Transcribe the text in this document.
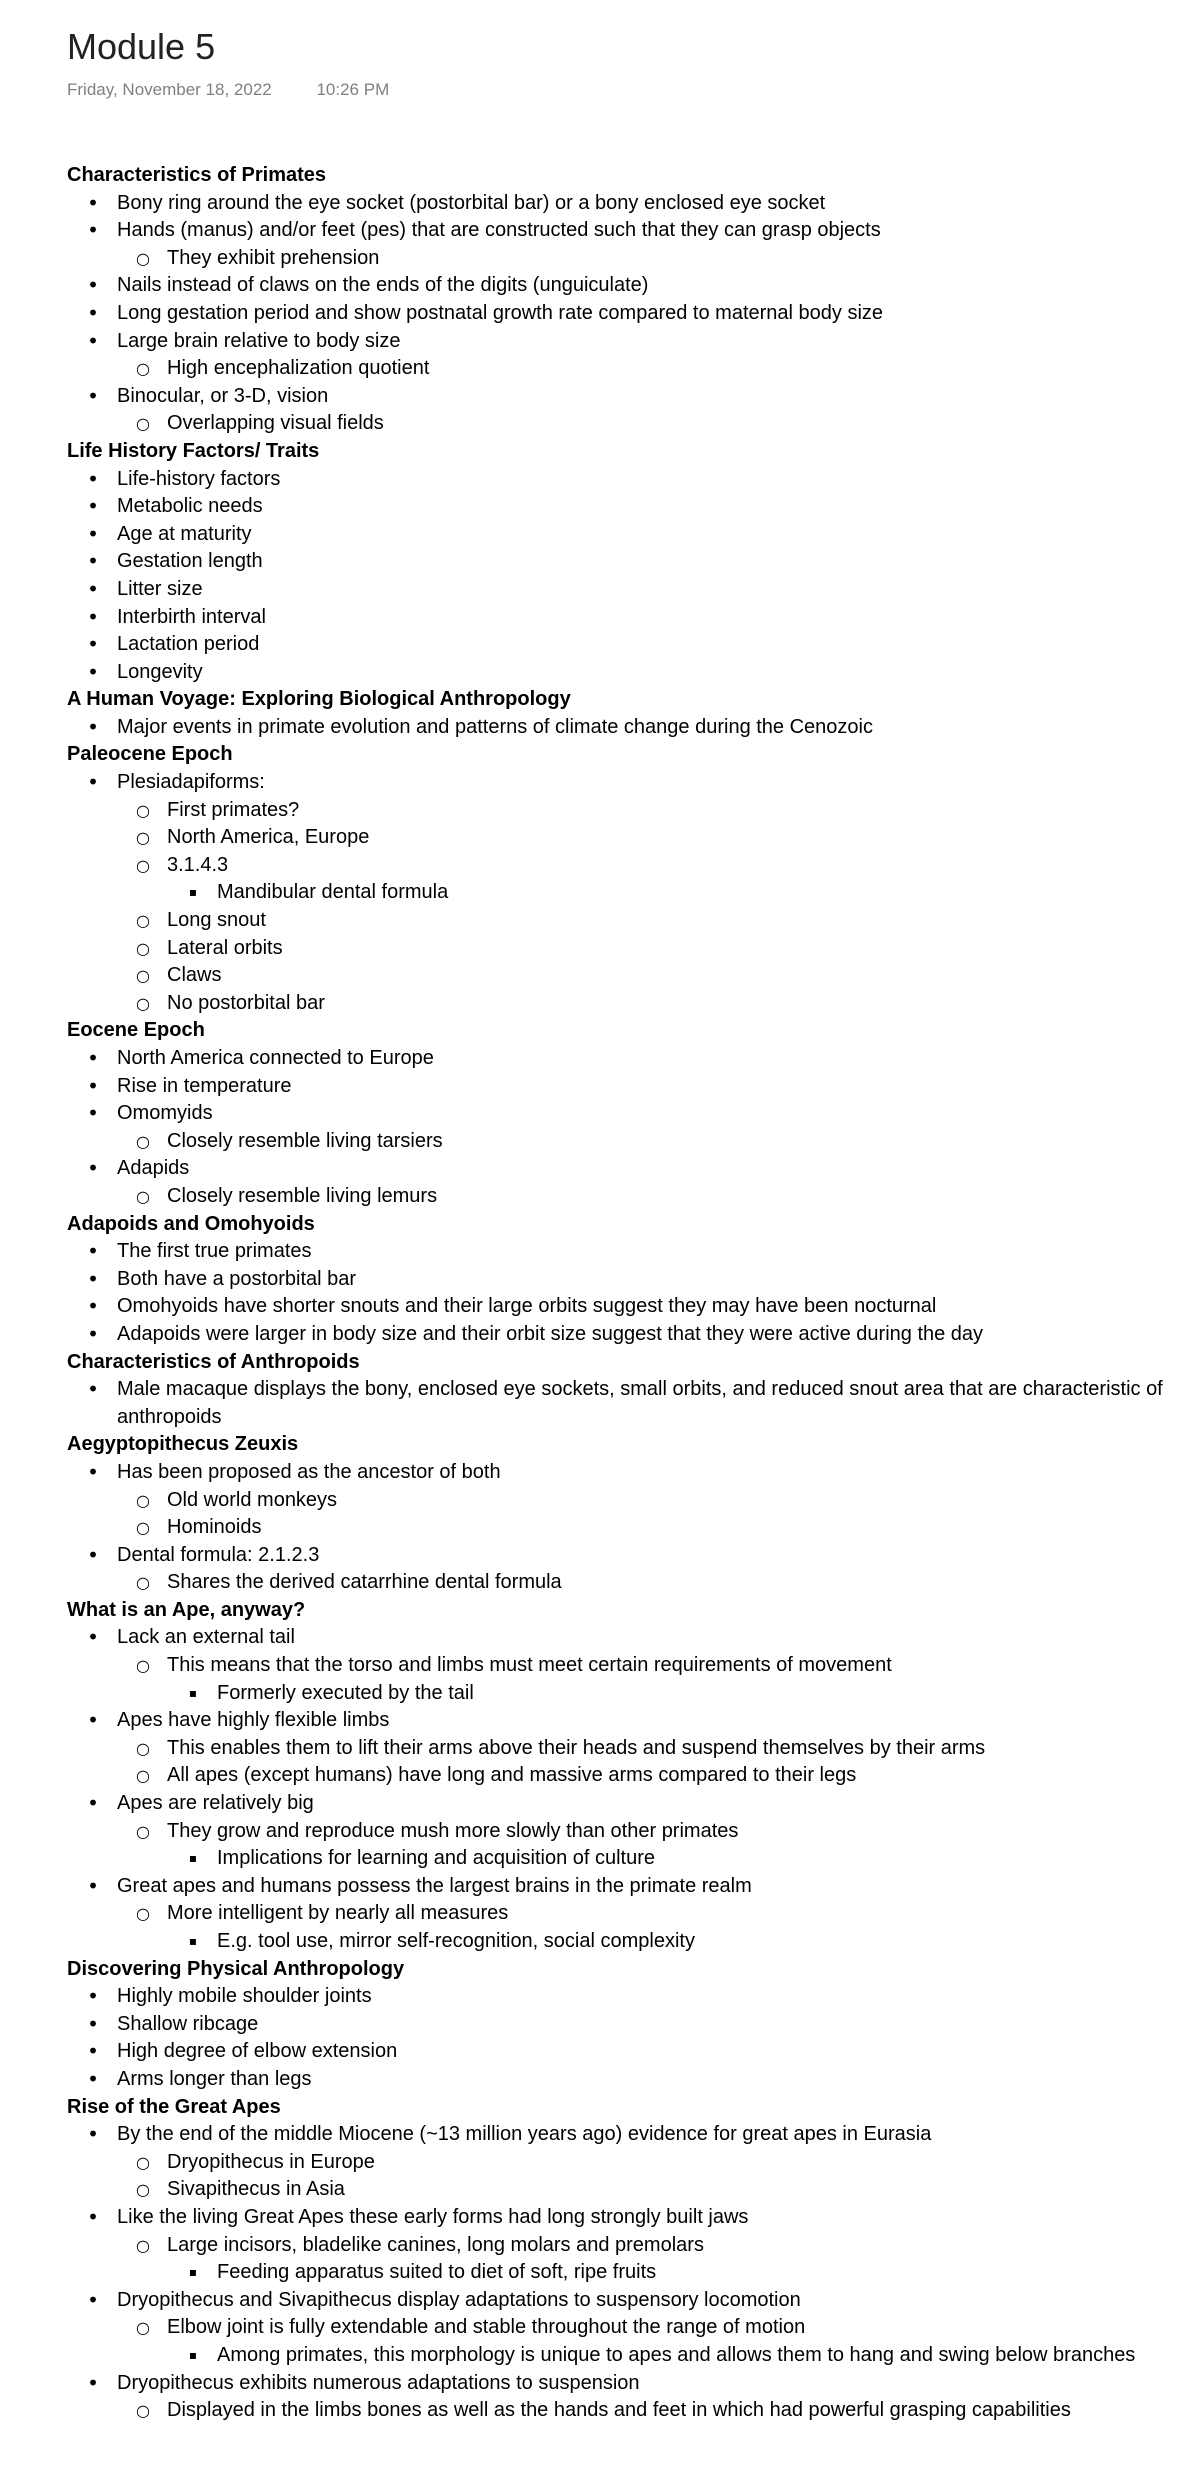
Module 5
Friday, November 18, 2022	10:26 PM
Characteristics of Primates
• Bony ring around the eye socket (postorbital bar) or a bony enclosed eye socket
• Hands (manus) and/or feet (pes) that are constructed such that they can grasp objects
○ They exhibit prehension
• Nails instead of claws on the ends of the digits (unguiculate)
• Long gestation period and show postnatal growth rate compared to maternal body size
• Large brain relative to body size
○ High encephalization quotient
• Binocular, or 3-D, vision
○ Overlapping visual fields
Life History Factors/ Traits
• Life-history factors
• Metabolic needs
• Age at maturity
• Gestation length
• Litter size
• Interbirth interval
• Lactation period
• Longevity
A Human Voyage: Exploring Biological Anthropology
• Major events in primate evolution and patterns of climate change during the Cenozoic
Paleocene Epoch
• Plesiadapiforms:
○ First primates?
○ North America, Europe
○ 3.1.4.3
▪ Mandibular dental formula
○ Long snout
○ Lateral orbits
○ Claws
○ No postorbital bar
Eocene Epoch
• North America connected to Europe
• Rise in temperature
• Omomyids
○ Closely resemble living tarsiers
• Adapids
○ Closely resemble living lemurs
Adapoids and Omohyoids
• The first true primates
• Both have a postorbital bar
• Omohyoids have shorter snouts and their large orbits suggest they may have been nocturnal
• Adapoids were larger in body size and their orbit size suggest that they were active during the day
Characteristics of Anthropoids
• Male macaque displays the bony, enclosed eye sockets, small orbits, and reduced snout area that are characteristic of anthropoids
Aegyptopithecus Zeuxis
• Has been proposed as the ancestor of both
○ Old world monkeys
○ Hominoids
• Dental formula: 2.1.2.3
○ Shares the derived catarrhine dental formula
What is an Ape, anyway?
• Lack an external tail
○ This means that the torso and limbs must meet certain requirements of movement
▪ Formerly executed by the tail
• Apes have highly flexible limbs
○ This enables them to lift their arms above their heads and suspend themselves by their arms
○ All apes (except humans) have long and massive arms compared to their legs
• Apes are relatively big
○ They grow and reproduce mush more slowly than other primates
▪ Implications for learning and acquisition of culture
• Great apes and humans possess the largest brains in the primate realm
○ More intelligent by nearly all measures
▪ E.g. tool use, mirror self-recognition, social complexity
Discovering Physical Anthropology
• Highly mobile shoulder joints
• Shallow ribcage
• High degree of elbow extension
• Arms longer than legs
Rise of the Great Apes
• By the end of the middle Miocene (~13 million years ago) evidence for great apes in Eurasia
○ Dryopithecus in Europe
○ Sivapithecus in Asia
• Like the living Great Apes these early forms had long strongly built jaws
○ Large incisors, bladelike canines, long molars and premolars
▪ Feeding apparatus suited to diet of soft, ripe fruits
• Dryopithecus and Sivapithecus display adaptations to suspensory locomotion
○ Elbow joint is fully extendable and stable throughout the range of motion
▪ Among primates, this morphology is unique to apes and allows them to hang and swing below branches
• Dryopithecus exhibits numerous adaptations to suspension
○ Displayed in the limbs bones as well as the hands and feet in which had powerful grasping capabilities
